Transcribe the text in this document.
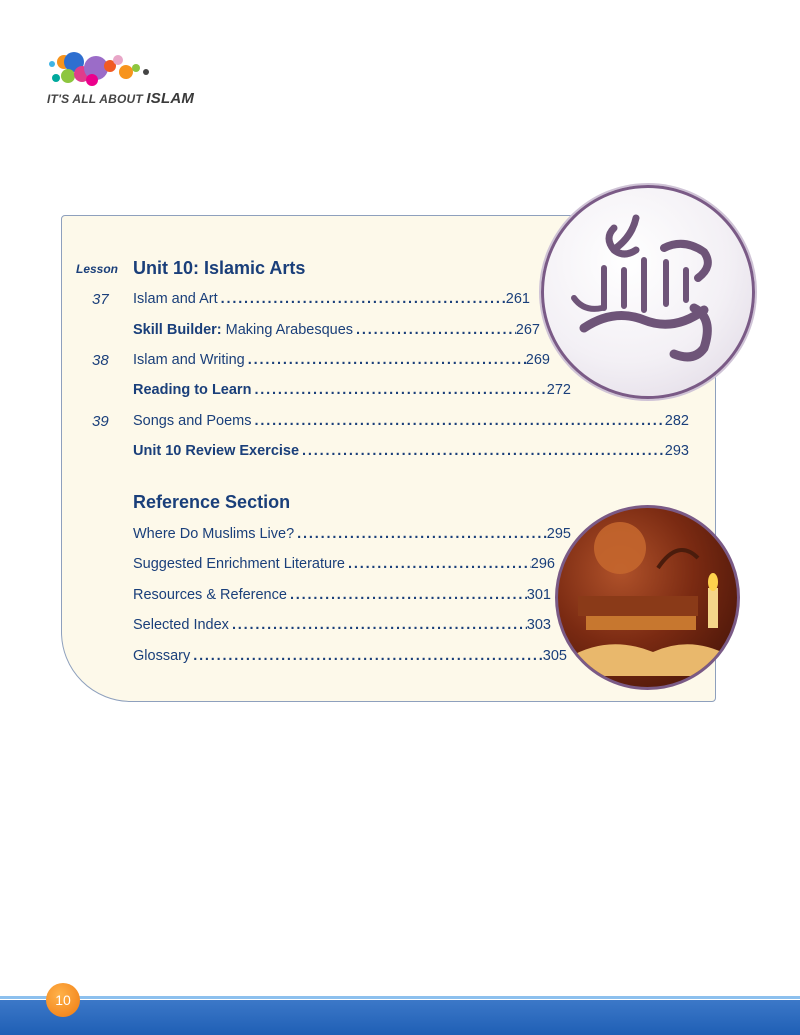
IT'S ALL ABOUT ISLAM
Lesson Unit 10: Islamic Arts
37	Islam and Art . . .	261
Skill Builder: Making Arabesques . . .	267
38	Islam and Writing . . .	269
Reading to Learn . . .	272
39	Songs and Poems . . .	282
Unit 10 Review Exercise . . .	293
Reference Section
Where Do Muslims Live? . . .	295
Suggested Enrichment Literature . . .	296
Resources & Reference . . .	301
Selected Index . . .	303
Glossary . . .	305
10
